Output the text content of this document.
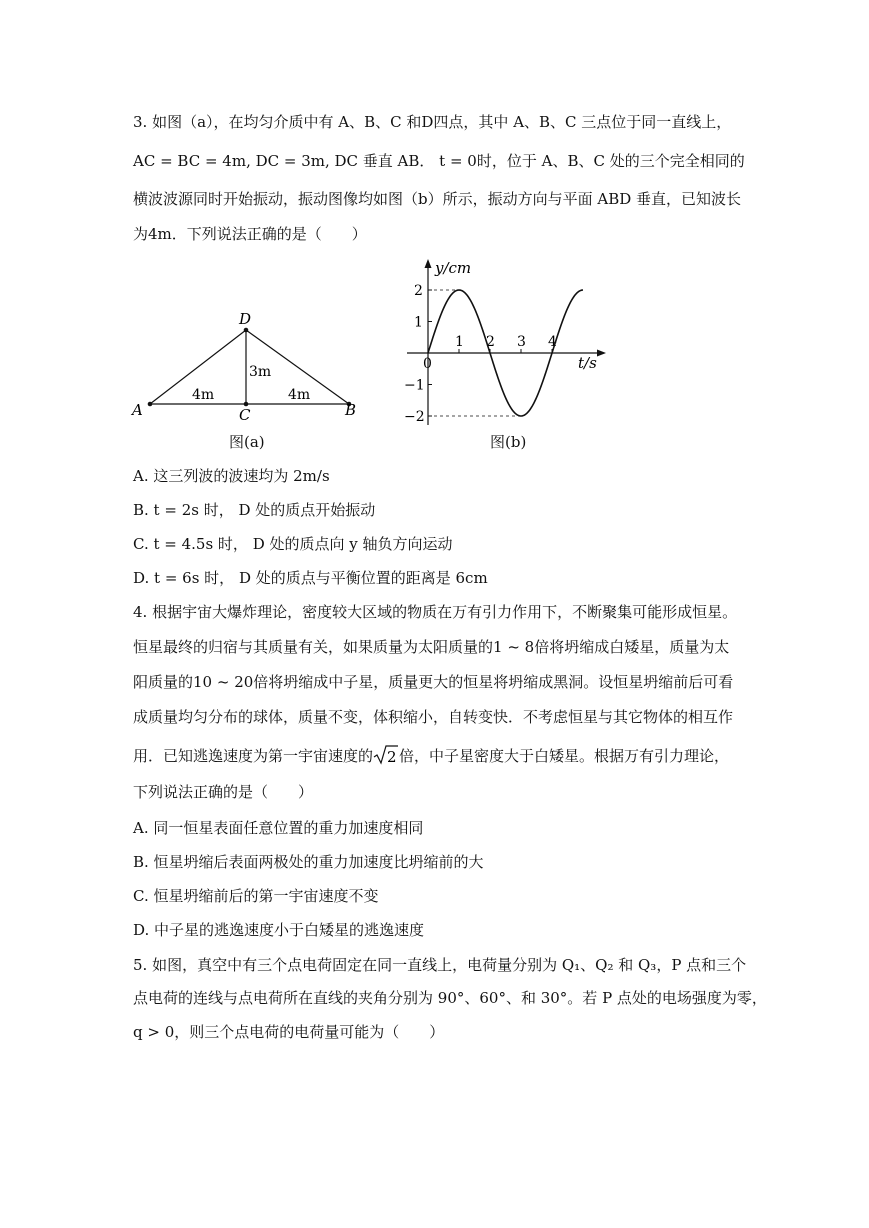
3. 如图（a），在均匀介质中有 A、B、C 和D四点，其中 A、B、C 三点位于同一直线上，
AC = BC = 4m, DC = 3m, DC 垂直 AB． t = 0时，位于 A、B、C 处的三个完全相同的
横波波源同时开始振动，振动图像均如图（b）所示，振动方向与平面 ABD 垂直，已知波长
为4m．下列说法正确的是（　　）
D
A	C	B
4m	4m
3m
图(a)
1 2 3 4
2
1
−1
−2
y/cm
t/s
0
图(b)
A. 这三列波的波速均为 2m/s
B. t = 2s 时， D 处的质点开始振动
C. t = 4.5s 时， D 处的质点向 y 轴负方向运动
D. t = 6s 时， D 处的质点与平衡位置的距离是 6cm
4. 根据宇宙大爆炸理论，密度较大区域的物质在万有引力作用下，不断聚集可能形成恒星。
恒星最终的归宿与其质量有关，如果质量为太阳质量的1 ~ 8倍将坍缩成白矮星，质量为太
阳质量的10 ~ 20倍将坍缩成中子星，质量更大的恒星将坍缩成黑洞。设恒星坍缩前后可看
成质量均匀分布的球体，质量不变，体积缩小，自转变快．不考虑恒星与其它物体的相互作
用．已知逃逸速度为第一宇宙速度的 2 倍，中子星密度大于白矮星。根据万有引力理论，
下列说法正确的是（　　）
A. 同一恒星表面任意位置的重力加速度相同
B. 恒星坍缩后表面两极处的重力加速度比坍缩前的大
C. 恒星坍缩前后的第一宇宙速度不变
D. 中子星的逃逸速度小于白矮星的逃逸速度
5. 如图，真空中有三个点电荷固定在同一直线上，电荷量分别为 Q₁、Q₂ 和 Q₃，P 点和三个
点电荷的连线与点电荷所在直线的夹角分别为 90°、60°、和 30°。若 P 点处的电场强度为零，
q > 0，则三个点电荷的电荷量可能为（　　）
